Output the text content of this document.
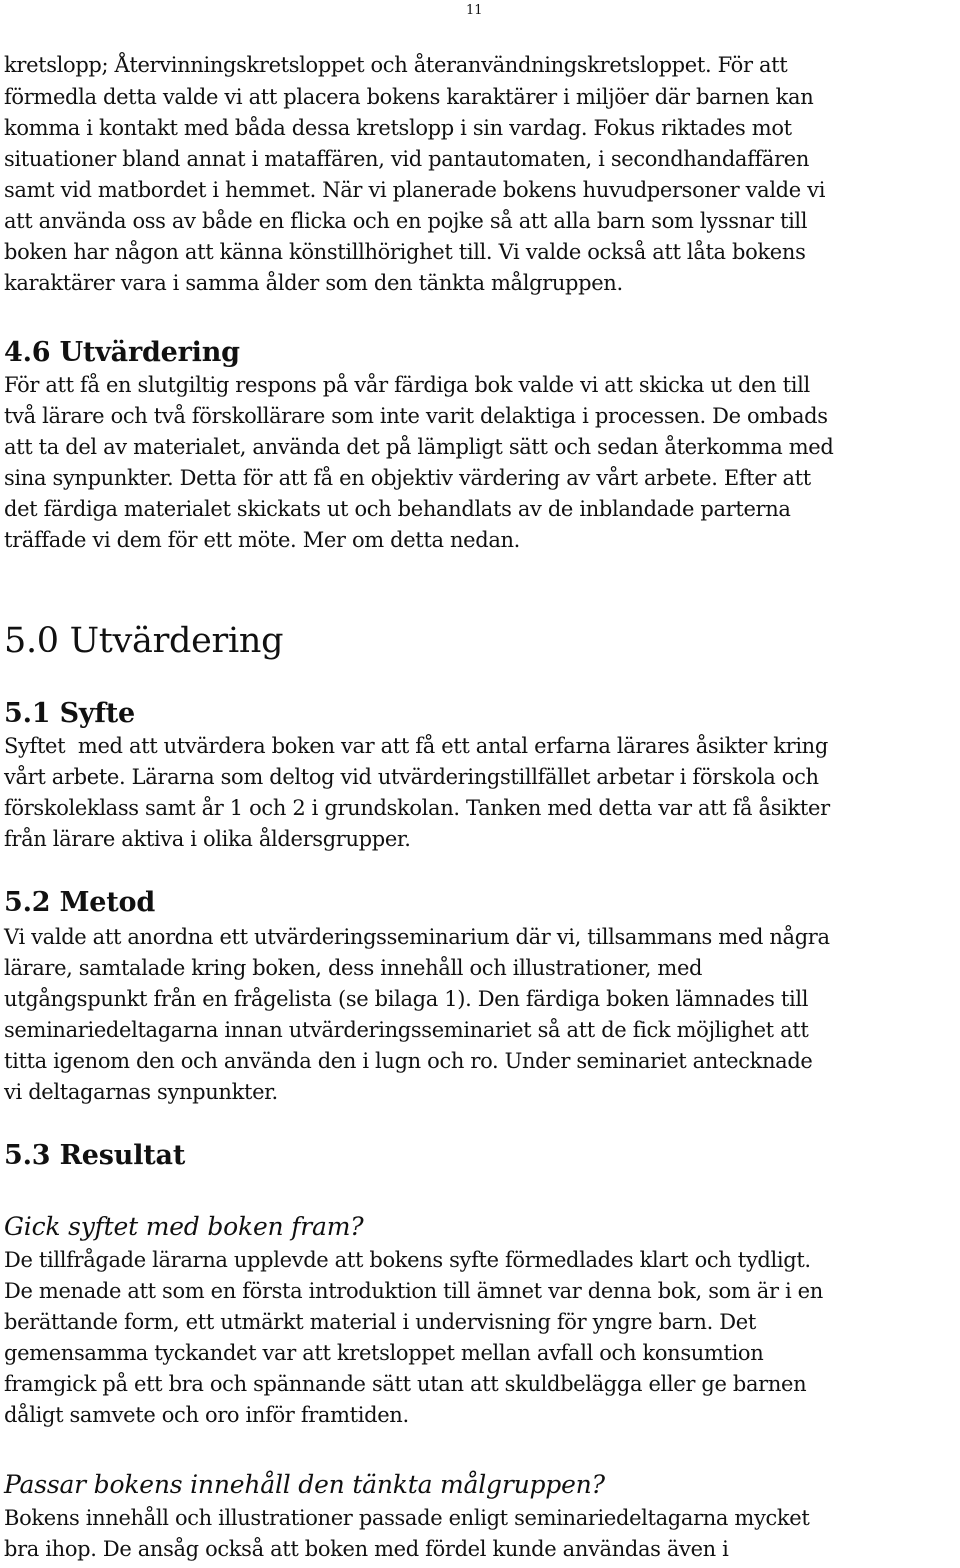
11
kretslopp; Återvinningskretsloppet och återanvändningskretsloppet. För att
förmedla detta valde vi att placera bokens karaktärer i miljöer där barnen kan
komma i kontakt med båda dessa kretslopp i sin vardag. Fokus riktades mot
situationer bland annat i mataffären, vid pantautomaten, i secondhandaffären
samt vid matbordet i hemmet. När vi planerade bokens huvudpersoner valde vi
att använda oss av både en flicka och en pojke så att alla barn som lyssnar till
boken har någon att känna könstillhörighet till. Vi valde också att låta bokens
karaktärer vara i samma ålder som den tänkta målgruppen.
4.6 Utvärdering
För att få en slutgiltig respons på vår färdiga bok valde vi att skicka ut den till
två lärare och två förskollärare som inte varit delaktiga i processen. De ombads
att ta del av materialet, använda det på lämpligt sätt och sedan återkomma med
sina synpunkter. Detta för att få en objektiv värdering av vårt arbete. Efter att
det färdiga materialet skickats ut och behandlats av de inblandade parterna
träffade vi dem för ett möte. Mer om detta nedan.
5.0 Utvärdering
5.1 Syfte
Syftet  med att utvärdera boken var att få ett antal erfarna lärares åsikter kring
vårt arbete. Lärarna som deltog vid utvärderingstillfället arbetar i förskola och
förskoleklass samt år 1 och 2 i grundskolan. Tanken med detta var att få åsikter
från lärare aktiva i olika åldersgrupper.
5.2 Metod
Vi valde att anordna ett utvärderingsseminarium där vi, tillsammans med några
lärare, samtalade kring boken, dess innehåll och illustrationer, med
utgångspunkt från en frågelista (se bilaga 1). Den färdiga boken lämnades till
seminariedeltagarna innan utvärderingsseminariet så att de fick möjlighet att
titta igenom den och använda den i lugn och ro. Under seminariet antecknade
vi deltagarnas synpunkter.
5.3 Resultat
Gick syftet med boken fram?
De tillfrågade lärarna upplevde att bokens syfte förmedlades klart och tydligt.
De menade att som en första introduktion till ämnet var denna bok, som är i en
berättande form, ett utmärkt material i undervisning för yngre barn. Det
gemensamma tyckandet var att kretsloppet mellan avfall och konsumtion
framgick på ett bra och spännande sätt utan att skuldbelägga eller ge barnen
dåligt samvete och oro inför framtiden.
Passar bokens innehåll den tänkta målgruppen?
Bokens innehåll och illustrationer passade enligt seminariedeltagarna mycket
bra ihop. De ansåg också att boken med fördel kunde användas även i
